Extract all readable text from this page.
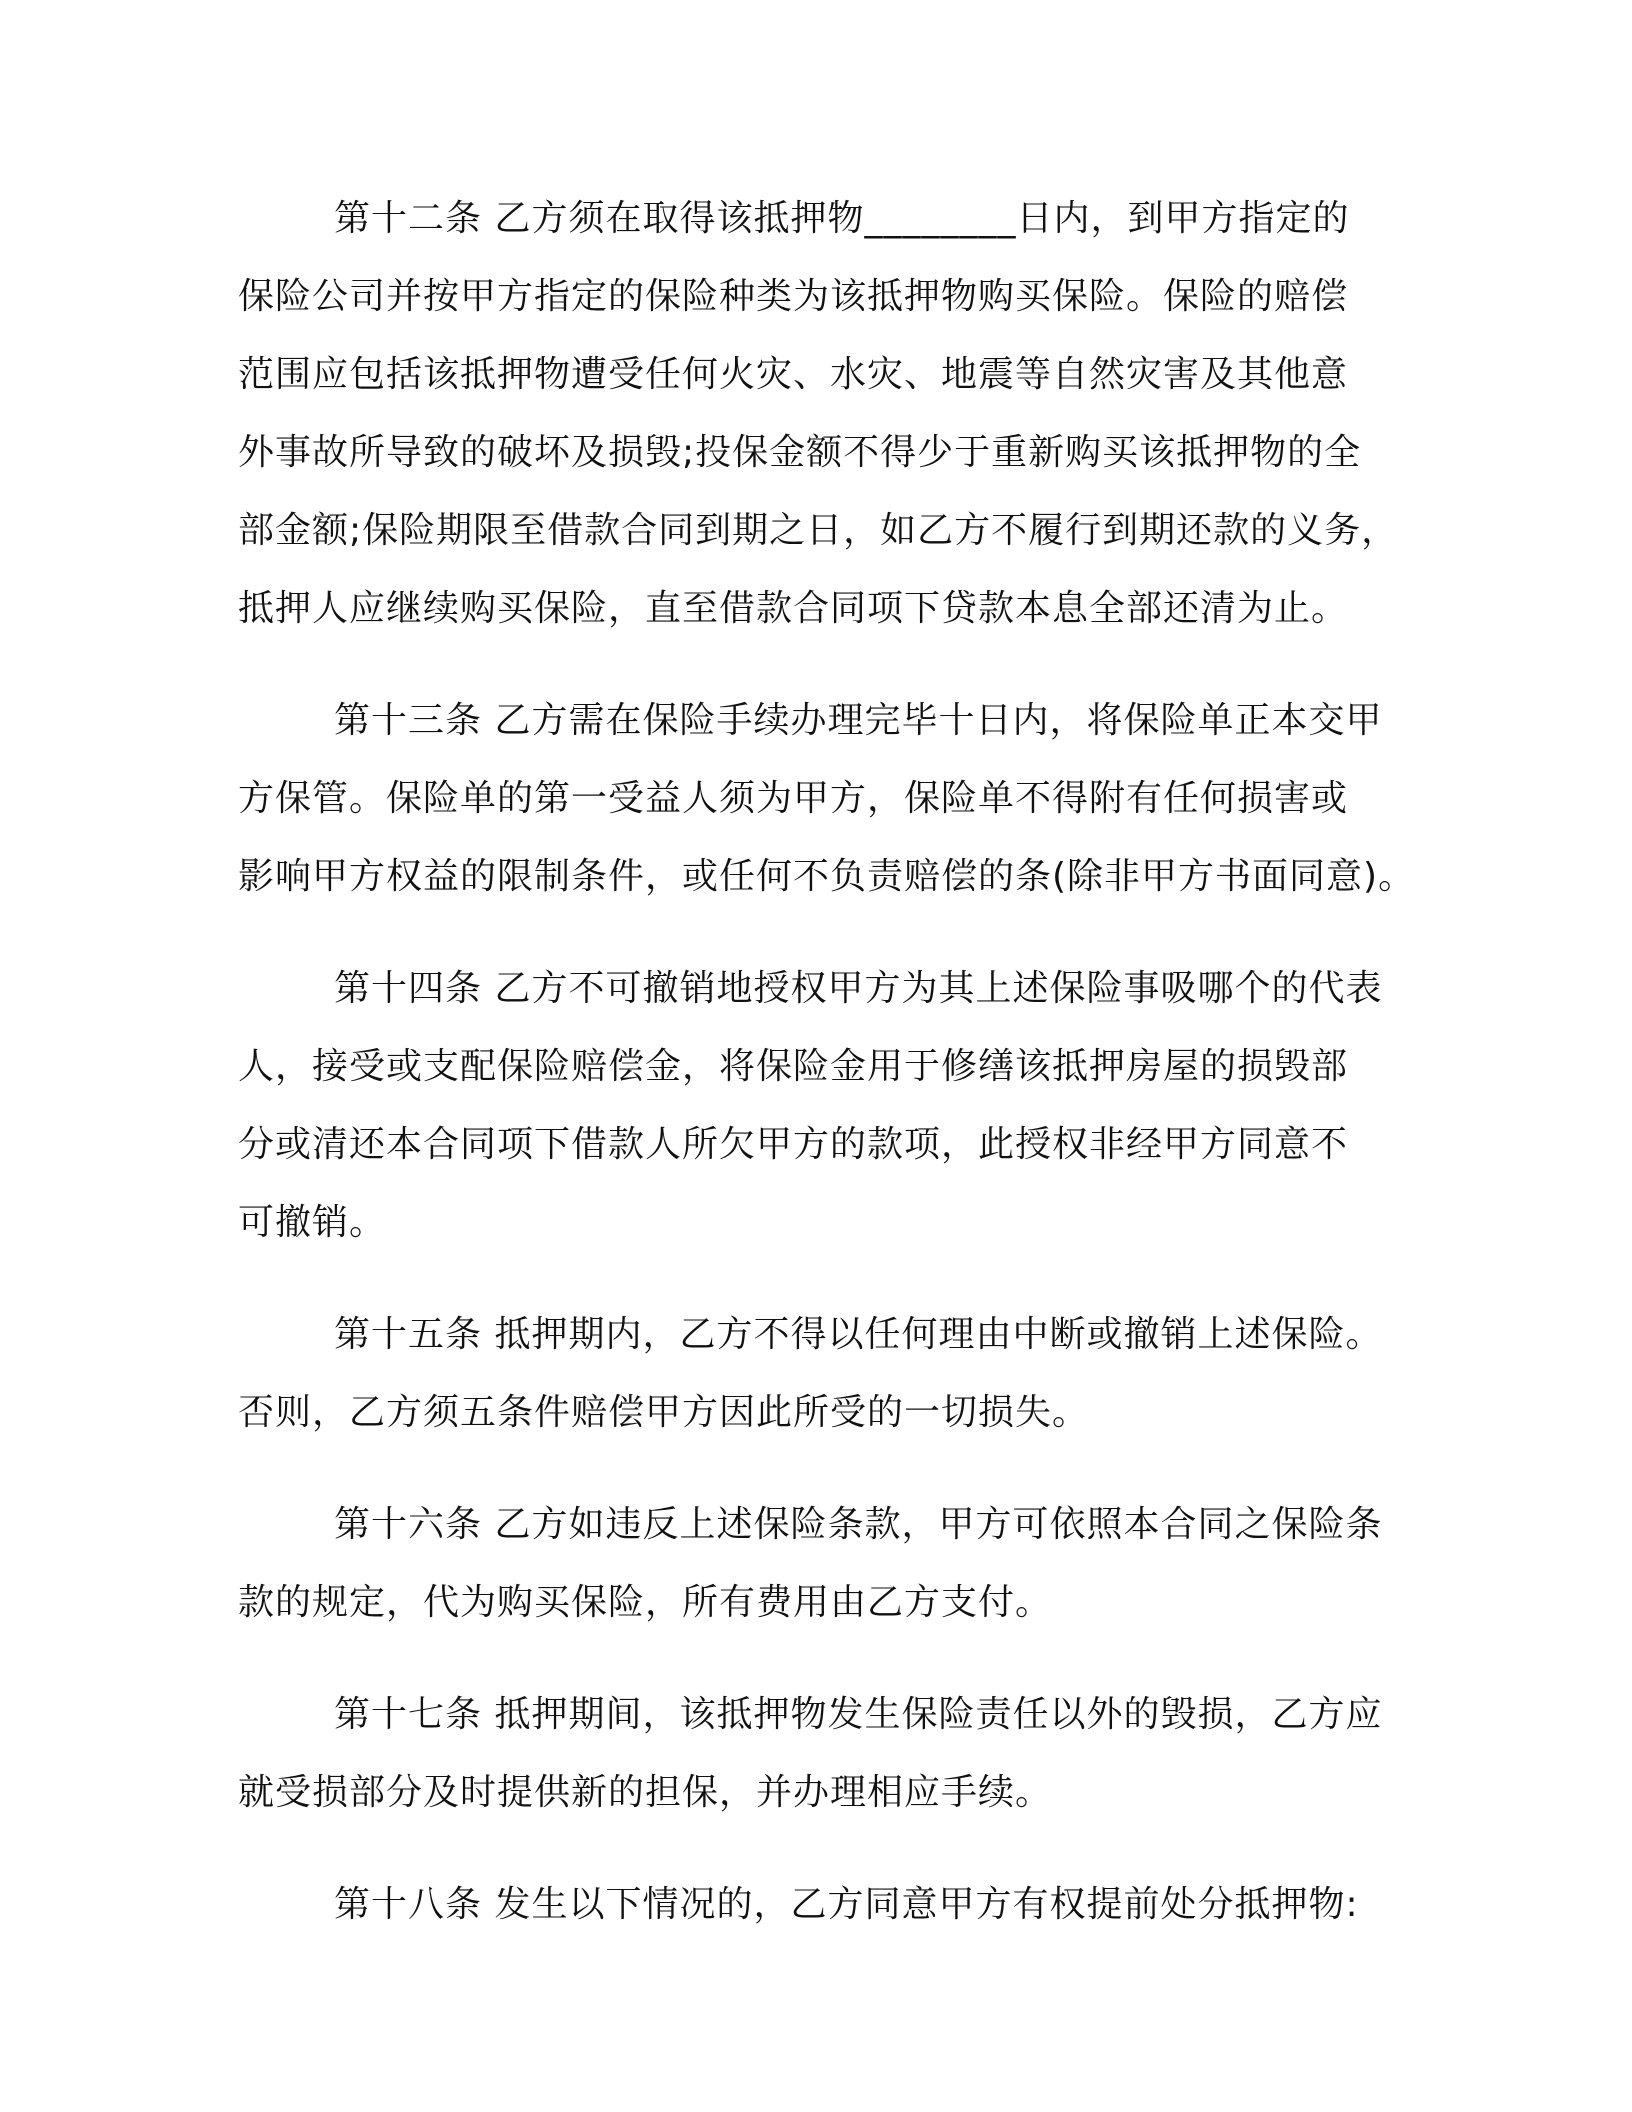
第十二条 乙方须在取得该抵押物________日内，到甲方指定的
保险公司并按甲方指定的保险种类为该抵押物购买保险。保险的赔偿
范围应包括该抵押物遭受任何火灾、水灾、地震等自然灾害及其他意
外事故所导致的破坏及损毁;投保金额不得少于重新购买该抵押物的全
部金额;保险期限至借款合同到期之日，如乙方不履行到期还款的义务，
抵押人应继续购买保险，直至借款合同项下贷款本息全部还清为止。
第十三条 乙方需在保险手续办理完毕十日内，将保险单正本交甲
方保管。保险单的第一受益人须为甲方，保险单不得附有任何损害或
影响甲方权益的限制条件，或任何不负责赔偿的条(除非甲方书面同意)。
第十四条 乙方不可撤销地授权甲方为其上述保险事吸哪个的代表
人，接受或支配保险赔偿金，将保险金用于修缮该抵押房屋的损毁部
分或清还本合同项下借款人所欠甲方的款项，此授权非经甲方同意不
可撤销。
第十五条 抵押期内，乙方不得以任何理由中断或撤销上述保险。
否则，乙方须五条件赔偿甲方因此所受的一切损失。
第十六条 乙方如违反上述保险条款，甲方可依照本合同之保险条
款的规定，代为购买保险，所有费用由乙方支付。
第十七条 抵押期间，该抵押物发生保险责任以外的毁损，乙方应
就受损部分及时提供新的担保，并办理相应手续。
第十八条 发生以下情况的，乙方同意甲方有权提前处分抵押物:
